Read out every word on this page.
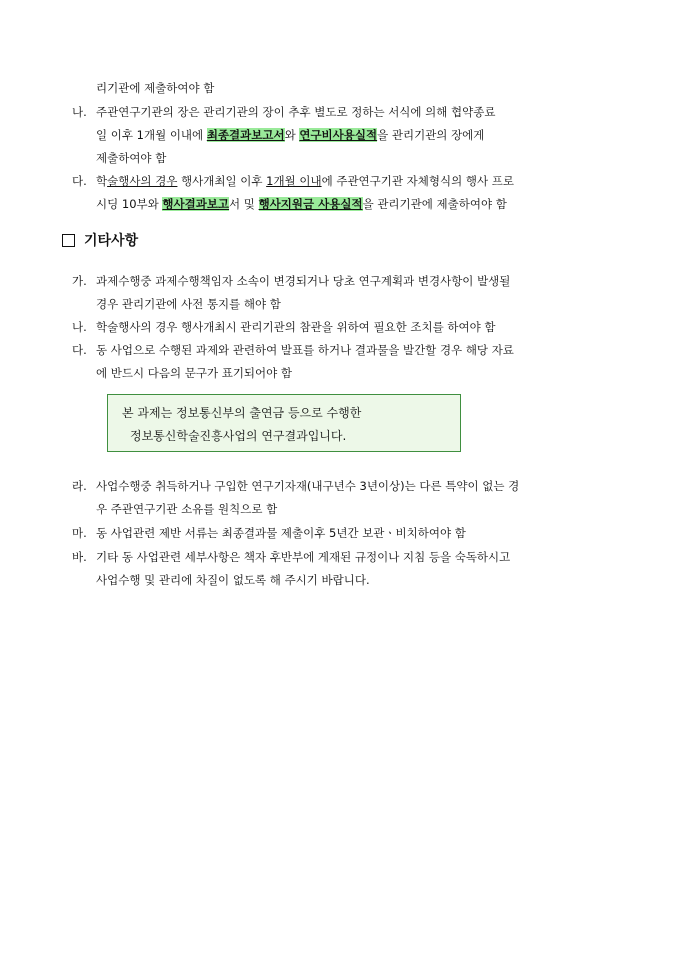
리기관에 제출하여야 함
나. 주관연구기관의 장은 관리기관의 장이 추후 별도로 정하는 서식에 의해 협약종료
일 이후 1개월 이내에 최종결과보고서와 연구비사용실적을 관리기관의 장에게
제출하여야 함
다. 학술행사의 경우 행사개최일 이후 1개월 이내에 주관연구기관 자체형식의 행사 프로
시딩 10부와 행사결과보고서 및 행사지원금 사용실적을 관리기관에 제출하여야 함
기타사항
가. 과제수행중 과제수행책임자 소속이 변경되거나 당초 연구계획과 변경사항이 발생될
경우 관리기관에 사전 통지를 해야 함
나. 학술행사의 경우 행사개최시 관리기관의 참관을 위하여 필요한 조치를 하여야 함
다. 동 사업으로 수행된 과제와 관련하여 발표를 하거나 결과물을 발간할 경우 해당 자료
에 반드시 다음의 문구가 표기되어야 함
본 과제는 정보통신부의 출연금 등으로 수행한
정보통신학술진흥사업의 연구결과입니다.
라. 사업수행중 취득하거나 구입한 연구기자재(내구년수 3년이상)는 다른 특약이 없는 경
우 주관연구기관 소유를 원칙으로 함
마. 동 사업관련 제반 서류는 최종결과물 제출이후 5년간 보관ㆍ비치하여야 함
바. 기타 동 사업관련 세부사항은 책자 후반부에 게재된 규정이나 지침 등을 숙독하시고
사업수행 및 관리에 차질이 없도록 해 주시기 바랍니다.
